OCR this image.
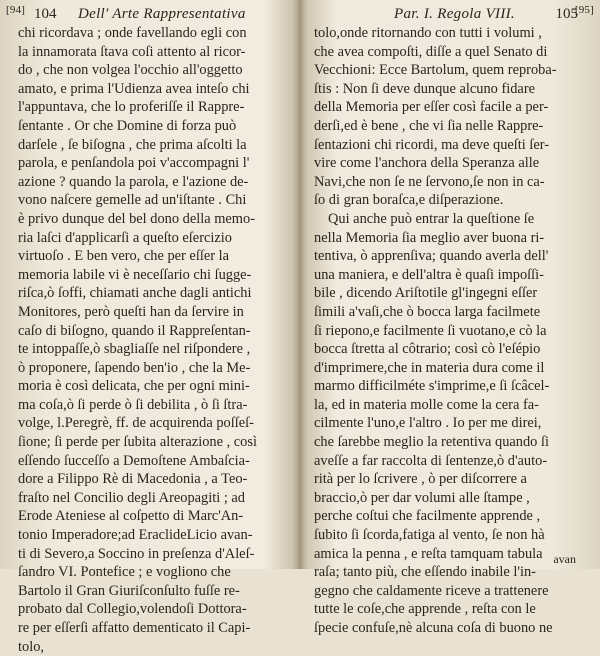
[94] 104 Dell' Arte Rappresentativa
chi ricordava ; onde favellando egli con
la innamorata ſtava coſi attento al ricor-
do , che non volgea l'occhio all'oggetto
amato, e prima l'Udienza avea inteſo chi
l'appuntava, che lo proferiſſe il Rappre-
ſentante . Or che Domine di forza può
darſele , ſe biſogna , che prima aſcolti la
parola, e penſandola poi v'accompagni l'
azione ? quando la parola, e l'azione de-
vono naſcere gemelle ad un'iſtante . Chi
è privo dunque del bel dono della memo-
ria laſci d'applicarſi a queſto eſercizio
virtuoſo . E ben vero, che per eſſer la
memoria labile vi è neceſſario chi ſugge-
riſca,ò ſoffi, chiamati anche dagli antichi
Monitores, però queſti han da ſervire in
caſo di biſogno, quando il Rappreſentan-
te intoppaſſe,ò sbagliaſſe nel riſpondere ,
ò proponere, ſapendo ben'io , che la Me-
moria è così delicata, che per ogni mini-
ma coſa,ò ſi perde ò ſi debilita , ò ſi ſtra-
volge, l.Peregrè, ff. de acquirenda poſſeſ-
ſione; ſi perde per ſubita alterazione , così
eſſendo ſucceſſo a Demoſtene Ambaſcia-
dore a Filippo Rè di Macedonia , a Teo-
fraſto nel Concilio degli Areopagiti ; ad
Erode Ateniese al coſpetto di Marc'An-
tonio Imperadore;ad EraclideLicio avan-
ti di Severo,a Soccino in preſenza d'Aleſ-
ſandro VI. Pontefice ; e vogliono che
Bartolo il Gran Giuriſconſulto fuſſe re-
probato dal Collegio,volendoſi Dottora-
re per eſſerſi affatto dementicato il Capi-
tolo,
[95]
Par. I. Regola VIII.	105
tolo,onde ritornando con tutti i volumi ,
che avea compoſti, diſſe a quel Senato di
Vecchioni: Ecce Bartolum, quem reproba-
ſtis : Non ſi deve dunque alcuno fidare
della Memoria per eſſer così facile a per-
derſi,ed è bene , che vi ſia nelle Rappre-
ſentazioni chi ricordi, ma deve queſti ſer-
vire come l'anchora della Speranza alle
Navi,che non ſe ne ſervono,ſe non in ca-
ſo di gran boraſca,e diſperazione.
Qui anche può entrar la queſtione ſe
nella Memoria ſia meglio aver buona ri-
tentiva, ò apprenſiva; quando averla dell'
una maniera, e dell'altra è quaſi impoſſi-
bile , dicendo Ariſtotile gl'ingegni eſſer
ſimili a'vaſi,che ò bocca larga facilmete
ſi riepono,e facilmente ſi vuotano,e cò la
bocca ſtretta al côtrario; così cò l'eſépio
d'imprimere,che in materia dura come il
marmo difficilméte s'imprime,e ſi ſcâcel-
la, ed in materia molle come la cera fa-
cilmente l'uno,e l'altro . Io per me direi,
che ſarebbe meglio la retentiva quando ſi
aveſſe a far raccolta di ſentenze,ò d'auto-
rità per lo ſcrivere , ò per diſcorrere a
braccio,ò per dar volumi alle ſtampe ,
perche coſtui che facilmente apprende ,
ſubito ſi ſcorda,fatiga al vento, ſe non hà
amica la penna , e reſta tamquam tabula
raſa; tanto più, che eſſendo inabile l'in-
gegno che caldamente riceve a trattenere
tutte le coſe,che apprende , reſta con le
ſpecie confuſe,nè alcuna coſa di buono ne
avan
